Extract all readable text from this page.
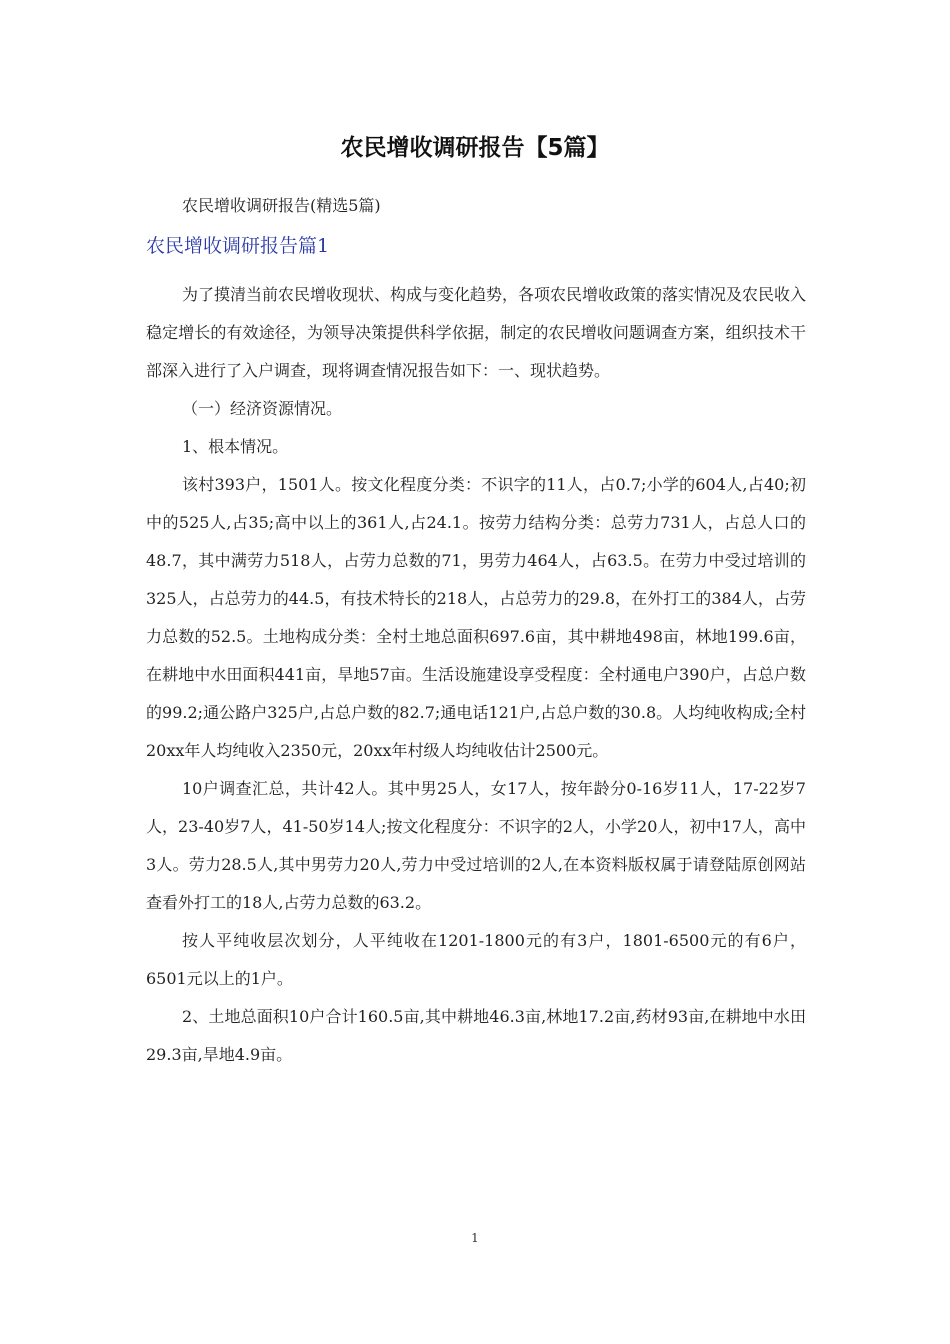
农民增收调研报告【5篇】
农民增收调研报告(精选5篇)
农民增收调研报告篇1

为了摸清当前农民增收现状、构成与变化趋势，各项农民增收政策的落实情况及农民收入稳定增长的有效途径，为领导决策提供科学依据，制定的农民增收问题调查方案，组织技术干部深入进行了入户调查，现将调查情况报告如下：一、现状趋势。

（一）经济资源情况。

1、根本情况。

该村393户，1501人。按文化程度分类：不识字的11人，占0.7;小学的604人,占40;初中的525人,占35;高中以上的361人,占24.1。按劳力结构分类：总劳力731人，占总人口的48.7，其中满劳力518人，占劳力总数的71，男劳力464人，占63.5。在劳力中受过培训的325人，占总劳力的44.5，有技术特长的218人，占总劳力的29.8，在外打工的384人，占劳力总数的52.5。土地构成分类：全村土地总面积697.6亩，其中耕地498亩，林地199.6亩，在耕地中水田面积441亩，旱地57亩。生活设施建设享受程度：全村通电户390户，占总户数的99.2;通公路户325户,占总户数的82.7;通电话121户,占总户数的30.8。人均纯收构成;全村20xx年人均纯收入2350元，20xx年村级人均纯收估计2500元。

10户调查汇总，共计42人。其中男25人，女17人，按年龄分0-16岁11人，17-22岁7人，23-40岁7人，41-50岁14人;按文化程度分：不识字的2人，小学20人，初中17人，高中3人。劳力28.5人,其中男劳力20人,劳力中受过培训的2人,在本资料版权属于请登陆原创网站查看外打工的18人,占劳力总数的63.2。

按人平纯收层次划分，人平纯收在1201-1800元的有3户，1801-6500元的有6户，6501元以上的1户。

2、土地总面积10户合计160.5亩,其中耕地46.3亩,林地17.2亩,药材93亩,在耕地中水田29.3亩,旱地4.9亩。

1
